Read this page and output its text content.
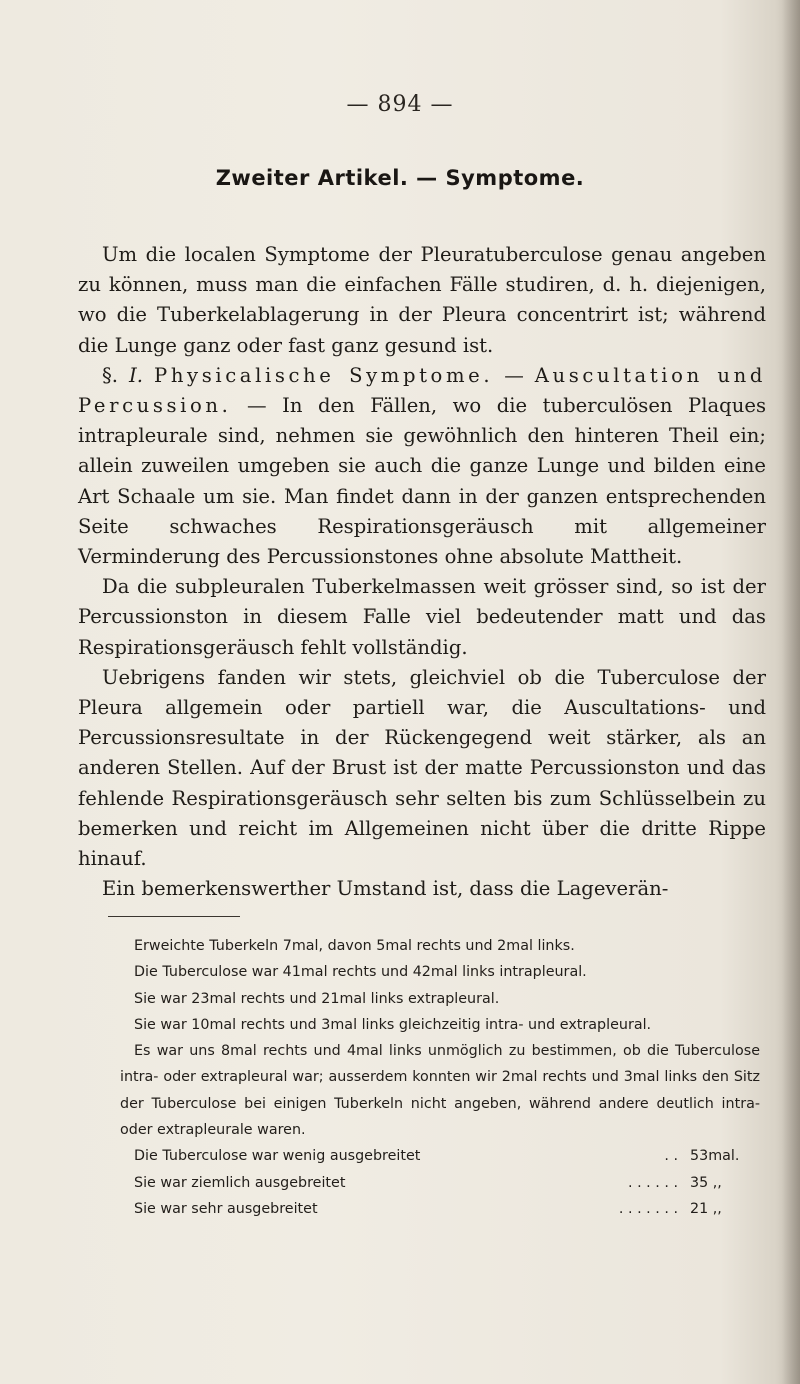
— 894 —
Zweiter Artikel. — Symptome.

Um die localen Symptome der Pleuratuberculose genau angeben zu können, muss man die einfachen Fälle studiren, d. h. diejenigen, wo die Tuberkelablagerung in der Pleura concentrirt ist; während die Lunge ganz oder fast ganz gesund ist.

§. I. Physicalische Symptome. — Auscultation und Percussion. — In den Fällen, wo die tuberculösen Plaques intrapleurale sind, nehmen sie gewöhnlich den hinteren Theil ein; allein zuweilen umgeben sie auch die ganze Lunge und bilden eine Art Schaale um sie. Man findet dann in der ganzen entsprechenden Seite schwaches Respirationsgeräusch mit allgemeiner Verminderung des Percussionstones ohne absolute Mattheit.

Da die subpleuralen Tuberkelmassen weit grösser sind, so ist der Percussionston in diesem Falle viel bedeutender matt und das Respirationsgeräusch fehlt vollständig.

Uebrigens fanden wir stets, gleichviel ob die Tuberculose der Pleura allgemein oder partiell war, die Auscultations- und Percussionsresultate in der Rückengegend weit stärker, als an anderen Stellen. Auf der Brust ist der matte Percussionston und das fehlende Respirationsgeräusch sehr selten bis zum Schlüsselbein zu bemerken und reicht im Allgemeinen nicht über die dritte Rippe hinauf.

Ein bemerkenswerther Umstand ist, dass die Lageverän-

Erweichte Tuberkeln 7mal, davon 5mal rechts und 2mal links.

Die Tuberculose war 41mal rechts und 42mal links intrapleural.

Sie war 23mal rechts und 21mal links extrapleural.

Sie war 10mal rechts und 3mal links gleichzeitig intra- und extrapleural.

Es war uns 8mal rechts und 4mal links unmöglich zu bestimmen, ob die Tuberculose intra- oder extrapleural war; ausserdem konnten wir 2mal rechts und 3mal links den Sitz der Tuberculose bei einigen Tuberkeln nicht angeben, während andere deutlich intra- oder extrapleurale waren.

Die Tuberculose war wenig ausgebreitet	. . 53mal.
Sie war ziemlich ausgebreitet	. . . . . . 35 ,,
Sie war sehr ausgebreitet	. . . . . . . 21 ,,
